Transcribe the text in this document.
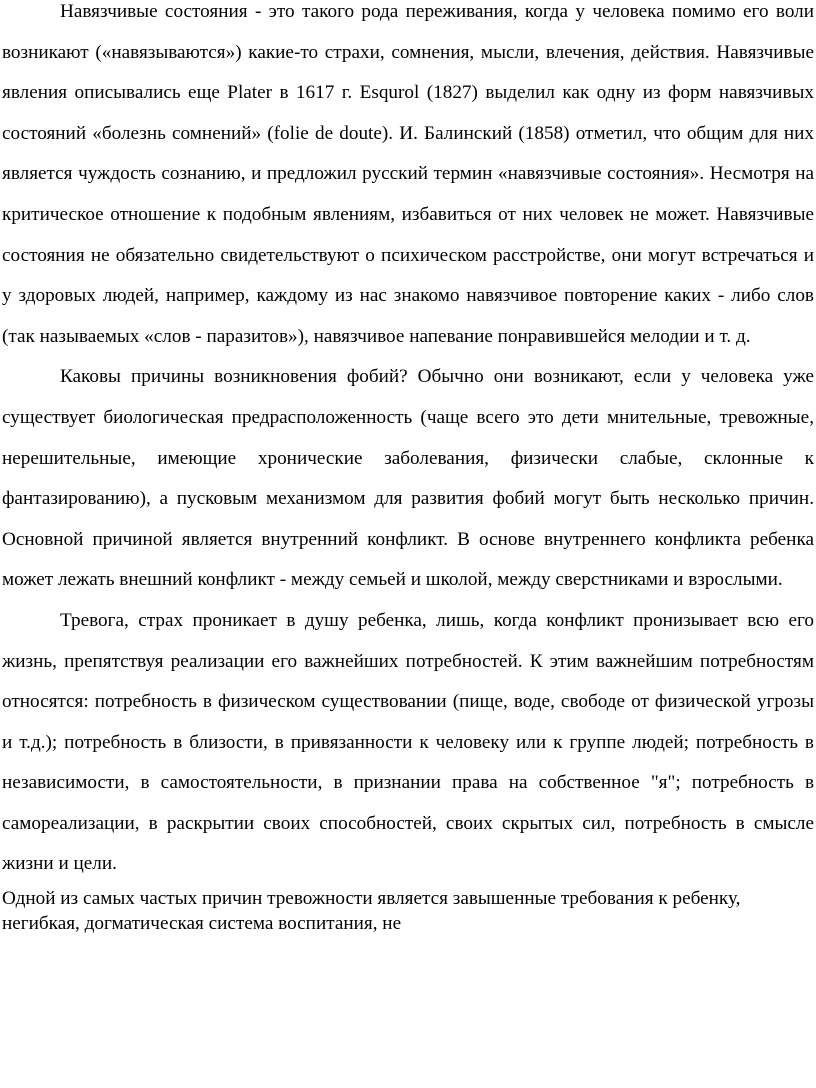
Навязчивые состояния - это такого рода переживания, когда у человека помимо его воли возникают («навязываются») какие-то страхи, сомнения, мысли, влечения, действия. Навязчивые явления описывались еще Plater в 1617 г. Esqurol (1827) выделил как одну из форм навязчивых состояний «болезнь сомнений» (folie de doute). И. Балинский (1858) отметил, что общим для них является чуждость сознанию, и предложил русский термин «навязчивые состояния». Несмотря на критическое отношение к подобным явлениям, избавиться от них человек не может. Навязчивые состояния не обязательно свидетельствуют о психическом расстройстве, они могут встречаться и у здоровых людей, например, каждому из нас знакомо навязчивое повторение каких - либо слов (так называемых «слов - паразитов»), навязчивое напевание понравившейся мелодии и т. д.

Каковы причины возникновения фобий? Обычно они возникают, если у человека уже существует биологическая предрасположенность (чаще всего это дети мнительные, тревожные, нерешительные, имеющие хронические заболевания, физически слабые, склонные к фантазированию), а пусковым механизмом для развития фобий могут быть несколько причин. Основной причиной является внутренний конфликт. В основе внутреннего конфликта ребенка может лежать внешний конфликт - между семьей и школой, между сверстниками и взрослыми.

Тревога, страх проникает в душу ребенка, лишь, когда конфликт пронизывает всю его жизнь, препятствуя реализации его важнейших потребностей. К этим важнейшим потребностям относятся: потребность в физическом существовании (пище, воде, свободе от физической угрозы и т.д.); потребность в близости, в привязанности к человеку или к группе людей; потребность в независимости, в самостоятельности, в признании права на собственное "я"; потребность в самореализации, в раскрытии своих способностей, своих скрытых сил, потребность в смысле жизни и цели.

Одной из самых частых причин тревожности является завышенные требования к ребенку, негибкая, догматическая система воспитания, не
